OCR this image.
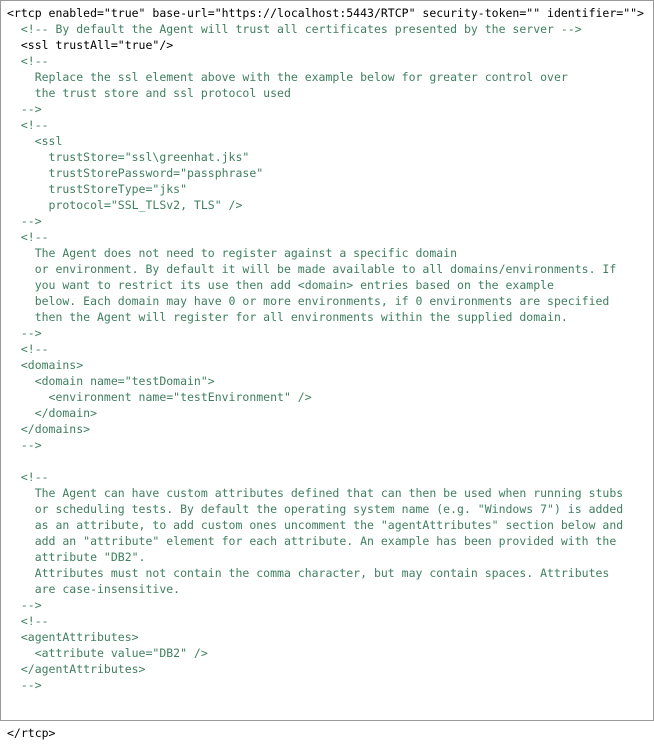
<rtcp enabled="true" base-url="https://localhost:5443/RTCP" security-token="" identifier="">
<!-- By default the Agent will trust all certificates presented by the server -->
<ssl trustAll="true"/>
<!--
Replace the ssl element above with the example below for greater control over
the trust store and ssl protocol used
-->
<!--
<ssl
trustStore="ssl\greenhat.jks"
trustStorePassword="passphrase"
trustStoreType="jks"
protocol="SSL_TLSv2, TLS" />
-->
<!--
The Agent does not need to register against a specific domain
or environment. By default it will be made available to all domains/environments. If
you want to restrict its use then add <domain> entries based on the example
below. Each domain may have 0 or more environments, if 0 environments are specified
then the Agent will register for all environments within the supplied domain.
-->
<!--
<domains>
<domain name="testDomain">
<environment name="testEnvironment" />
</domain>
</domains>
-->
<!--
The Agent can have custom attributes defined that can then be used when running stubs
or scheduling tests. By default the operating system name (e.g. "Windows 7") is added
as an attribute, to add custom ones uncomment the "agentAttributes" section below and
add an "attribute" element for each attribute. An example has been provided with the
attribute "DB2".
Attributes must not contain the comma character, but may contain spaces. Attributes
are case-insensitive.
-->
<!--
<agentAttributes>
<attribute value="DB2" />
</agentAttributes>
-->
</rtcp>
